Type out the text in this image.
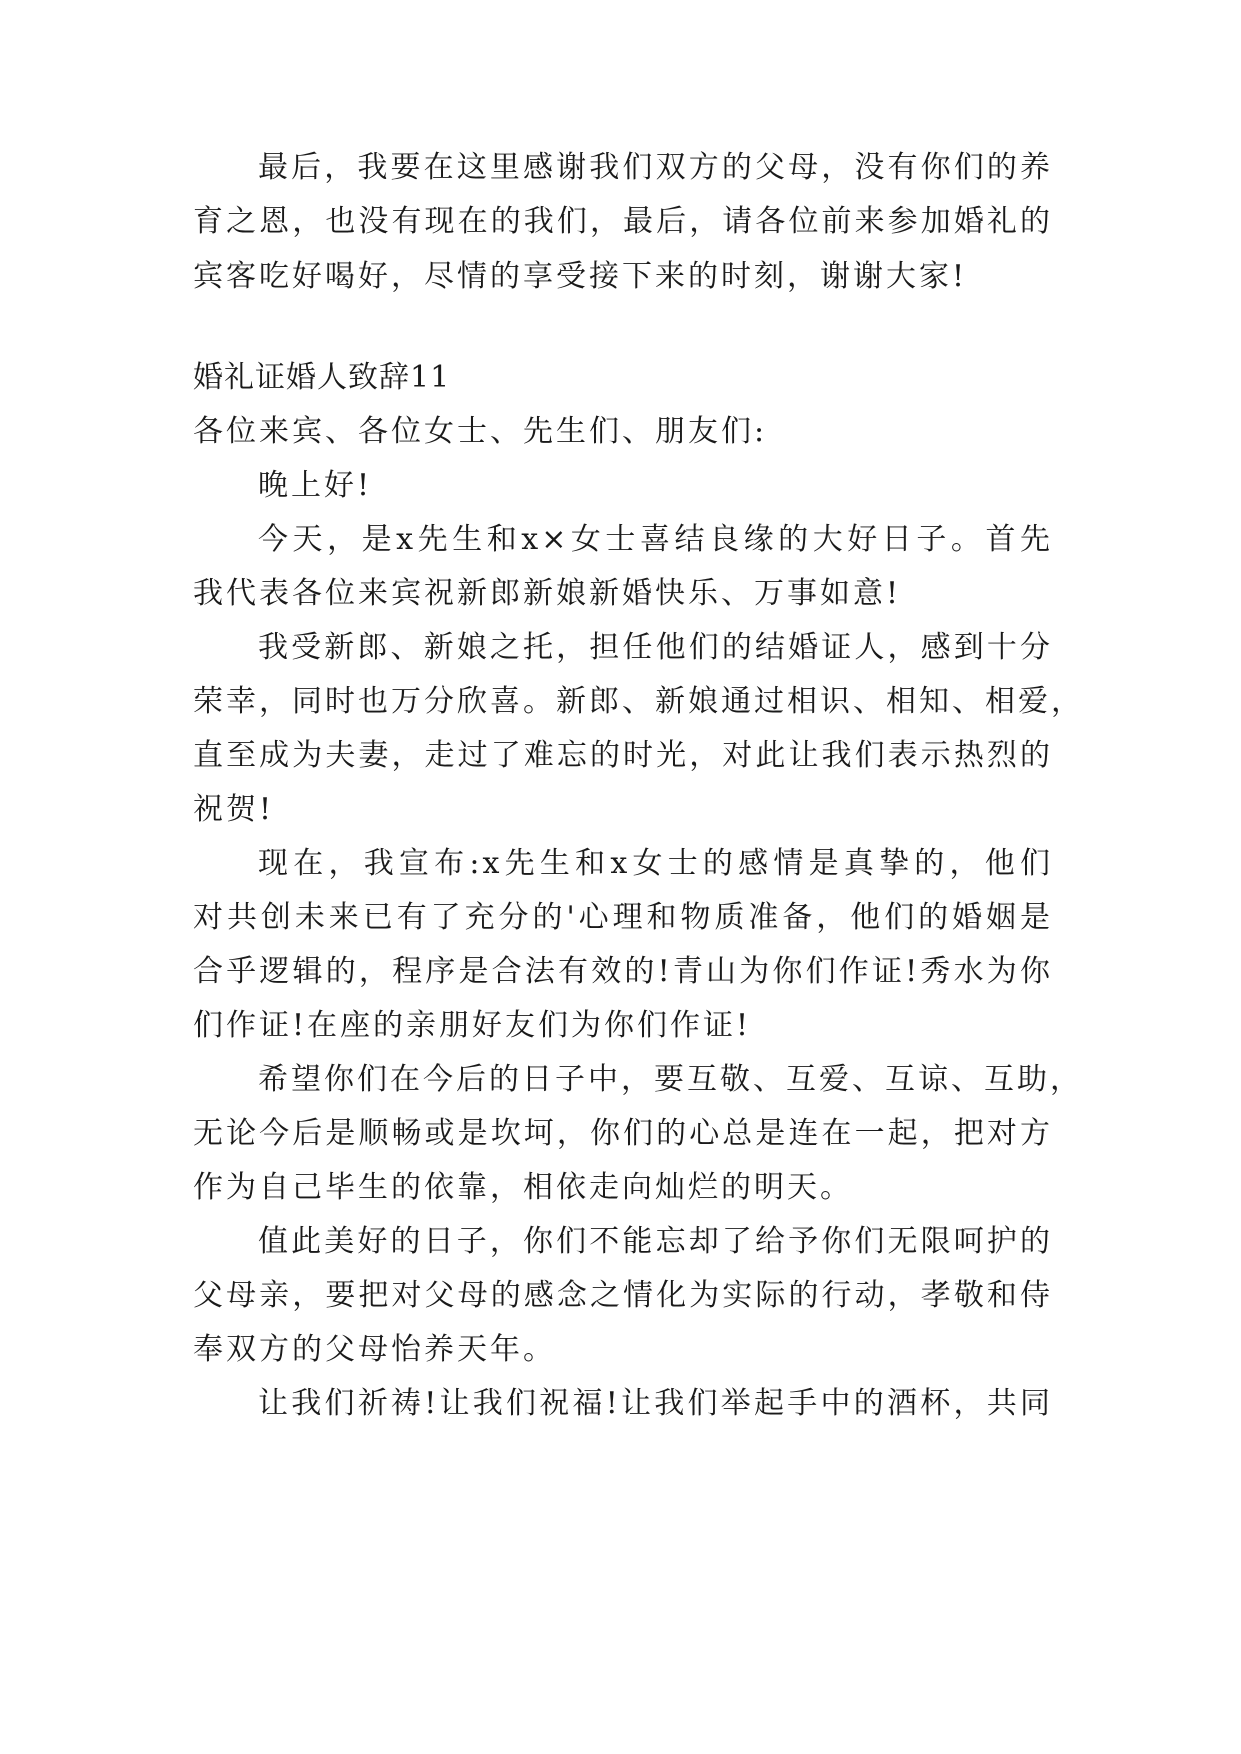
最后，我要在这里感谢我们双方的父母，没有你们的养
育之恩，也没有现在的我们，最后，请各位前来参加婚礼的
宾客吃好喝好，尽情的享受接下来的时刻，谢谢大家!
婚礼证婚人致辞11
各位来宾、各位女士、先生们、朋友们:
晚上好!
今天，是x先生和x×女士喜结良缘的大好日子。首先
我代表各位来宾祝新郎新娘新婚快乐、万事如意!
我受新郎、新娘之托，担任他们的结婚证人，感到十分
荣幸，同时也万分欣喜。新郎、新娘通过相识、相知、相爱，
直至成为夫妻，走过了难忘的时光，对此让我们表示热烈的
祝贺!
现在，我宣布:x先生和x女士的感情是真挚的，他们
对共创未来已有了充分的'心理和物质准备，他们的婚姻是
合乎逻辑的，程序是合法有效的!青山为你们作证!秀水为你
们作证!在座的亲朋好友们为你们作证!
希望你们在今后的日子中，要互敬、互爱、互谅、互助，
无论今后是顺畅或是坎坷，你们的心总是连在一起，把对方
作为自己毕生的依靠，相依走向灿烂的明天。
值此美好的日子，你们不能忘却了给予你们无限呵护的
父母亲，要把对父母的感念之情化为实际的行动，孝敬和侍
奉双方的父母怡养天年。
让我们祈祷!让我们祝福!让我们举起手中的酒杯，共同
